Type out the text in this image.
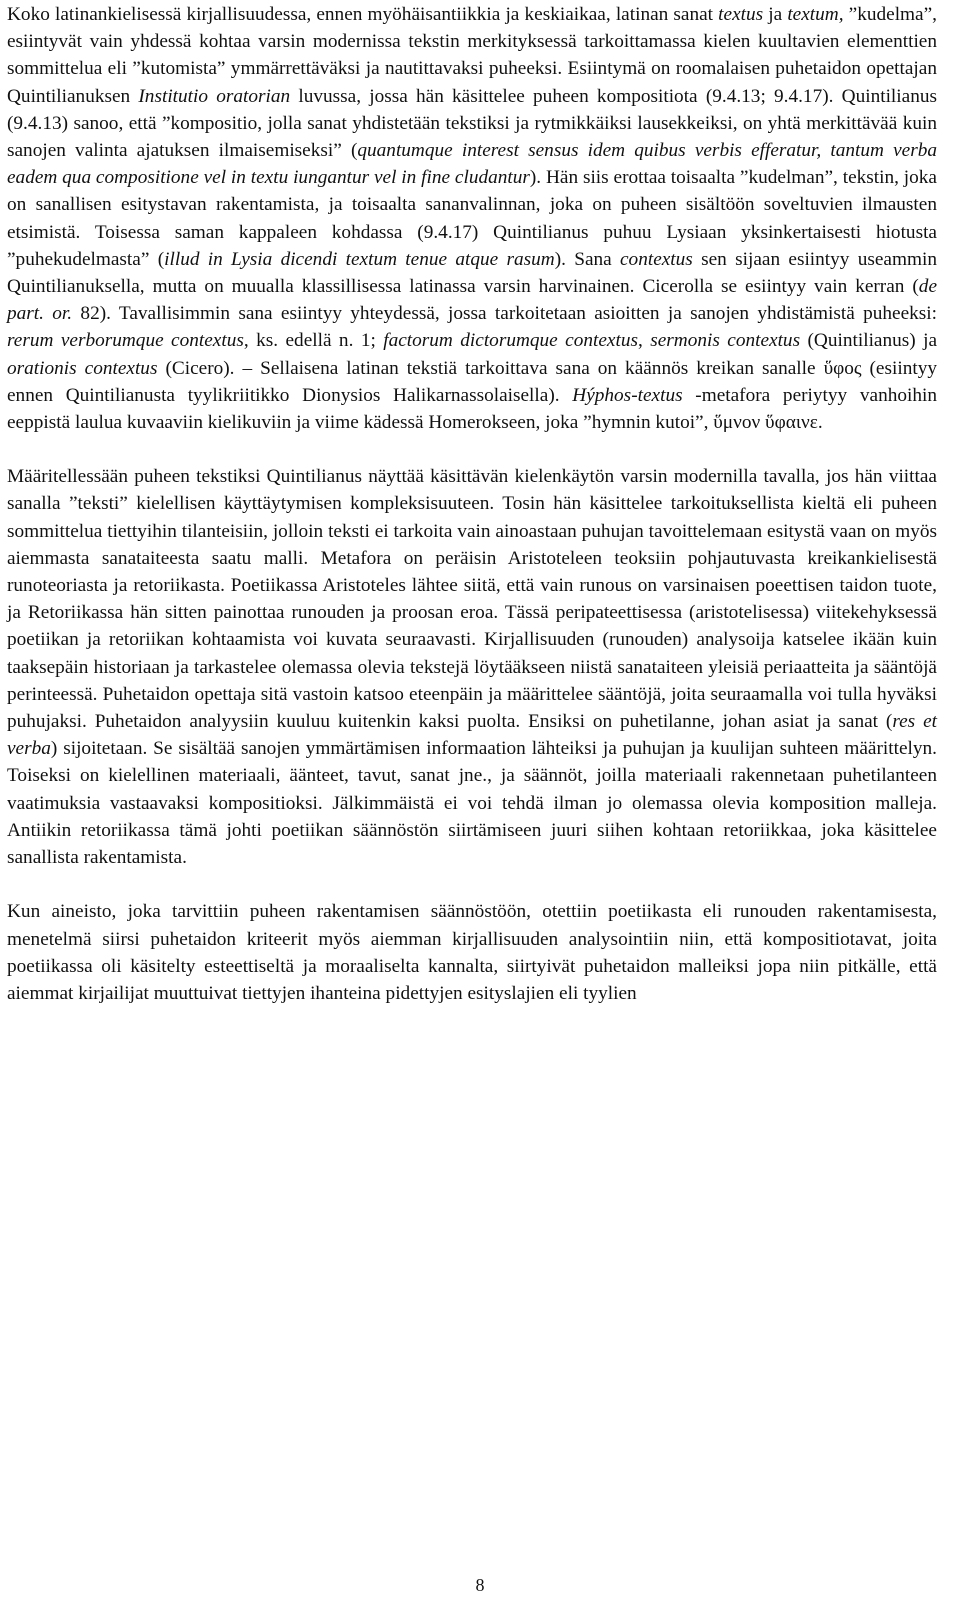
Koko latinankielisessä kirjallisuudessa, ennen myöhäisantiikkia ja keskiaikaa, latinan sanat textus ja textum, ”kudelma”, esiintyvät vain yhdessä kohtaa varsin modernissa tekstin merkityksessä tarkoittamassa kielen kuultavien elementtien sommittelua eli ”kutomista” ymmärrettäväksi ja nautittavaksi puheeksi. Esiintymä on roomalaisen puhetaidon opettajan Quintilianuksen Institutio oratorian luvussa, jossa hän käsittelee puheen kompositiota (9.4.13; 9.4.17). Quintilianus (9.4.13) sanoo, että ”kompositio, jolla sanat yhdistetään tekstiksi ja rytmikkäiksi lausekkeiksi, on yhtä merkittävää kuin sanojen valinta ajatuksen ilmaisemiseksi” (quantumque interest sensus idem quibus verbis efferatur, tantum verba eadem qua compositione vel in textu iungantur vel in fine cludantur). Hän siis erottaa toisaalta ”kudelman”, tekstin, joka on sanallisen esitystavan rakentamista, ja toisaalta sananvalinnan, joka on puheen sisältöön soveltuvien ilmausten etsimistä. Toisessa saman kappaleen kohdassa (9.4.17) Quintilianus puhuu Lysiaan yksinkertaisesti hiotusta ”puhekudelmasta” (illud in Lysia dicendi textum tenue atque rasum). Sana contextus sen sijaan esiintyy useammin Quintilianuksella, mutta on muualla klassillisessa latinassa varsin harvinainen. Cicerolla se esiintyy vain kerran (de part. or. 82). Tavallisimmin sana esiintyy yhteydessä, jossa tarkoitetaan asioitten ja sanojen yhdistämistä puheeksi: rerum verborumque contextus, ks. edellä n. 1; factorum dictorumque contextus, sermonis contextus (Quintilianus) ja orationis contextus (Cicero). – Sellaisena latinan tekstiä tarkoittava sana on käännös kreikan sanalle ὕφος (esiintyy ennen Quintilianusta tyylikriitikko Dionysios Halikarnassolaisella). Hýphos-textus -metafora periytyy vanhoihin eeppistä laulua kuvaaviin kielikuviin ja viime kädessä Homerokseen, joka ”hymnin kutoi”, ὕμνον ὕφαινε.

Määritellessään puheen tekstiksi Quintilianus näyttää käsittävän kielenkäytön varsin modernilla tavalla, jos hän viittaa sanalla ”teksti” kielellisen käyttäytymisen kompleksisuuteen. Tosin hän käsittelee tarkoituksellista kieltä eli puheen sommittelua tiettyihin tilanteisiin, jolloin teksti ei tarkoita vain ainoastaan puhujan tavoittelemaan esitystä vaan on myös aiemmasta sanataiteesta saatu malli. Metafora on peräisin Aristoteleen teoksiin pohjautuvasta kreikankielisestä runoteoriasta ja retoriikasta. Poetiikassa Aristoteles lähtee siitä, että vain runous on varsinaisen poeettisen taidon tuote, ja Retoriikassa hän sitten painottaa runouden ja proosan eroa. Tässä peripateettisessa (aristotelisessa) viitekehyksessä poetiikan ja retoriikan kohtaamista voi kuvata seuraavasti. Kirjallisuuden (runouden) analysoija katselee ikään kuin taaksepäin historiaan ja tarkastelee olemassa olevia tekstejä löytääkseen niistä sanataiteen yleisiä periaatteita ja sääntöjä perinteessä. Puhetaidon opettaja sitä vastoin katsoo eteenpäin ja määrittelee sääntöjä, joita seuraamalla voi tulla hyväksi puhujaksi. Puhetaidon analyysiin kuuluu kuitenkin kaksi puolta. Ensiksi on puhetilanne, johan asiat ja sanat (res et verba) sijoitetaan. Se sisältää sanojen ymmärtämisen informaation lähteiksi ja puhujan ja kuulijan suhteen määrittelyn. Toiseksi on kielellinen materiaali, äänteet, tavut, sanat jne., ja säännöt, joilla materiaali rakennetaan puhetilanteen vaatimuksia vastaavaksi kompositioksi. Jälkimmäistä ei voi tehdä ilman jo olemassa olevia komposition malleja. Antiikin retoriikassa tämä johti poetiikan säännöstön siirtämiseen juuri siihen kohtaan retoriikkaa, joka käsittelee sanallista rakentamista.

Kun aineisto, joka tarvittiin puheen rakentamisen säännöstöön, otettiin poetiikasta eli runouden rakentamisesta, menetelmä siirsi puhetaidon kriteerit myös aiemman kirjallisuuden analysointiin niin, että kompositiotavat, joita poetiikassa oli käsitelty esteettiseltä ja moraaliselta kannalta, siirtyivät puhetaidon malleiksi jopa niin pitkälle, että aiemmat kirjailijat muuttuivat tiettyjen ihanteina pidettyjen esityslajien eli tyylien

8
